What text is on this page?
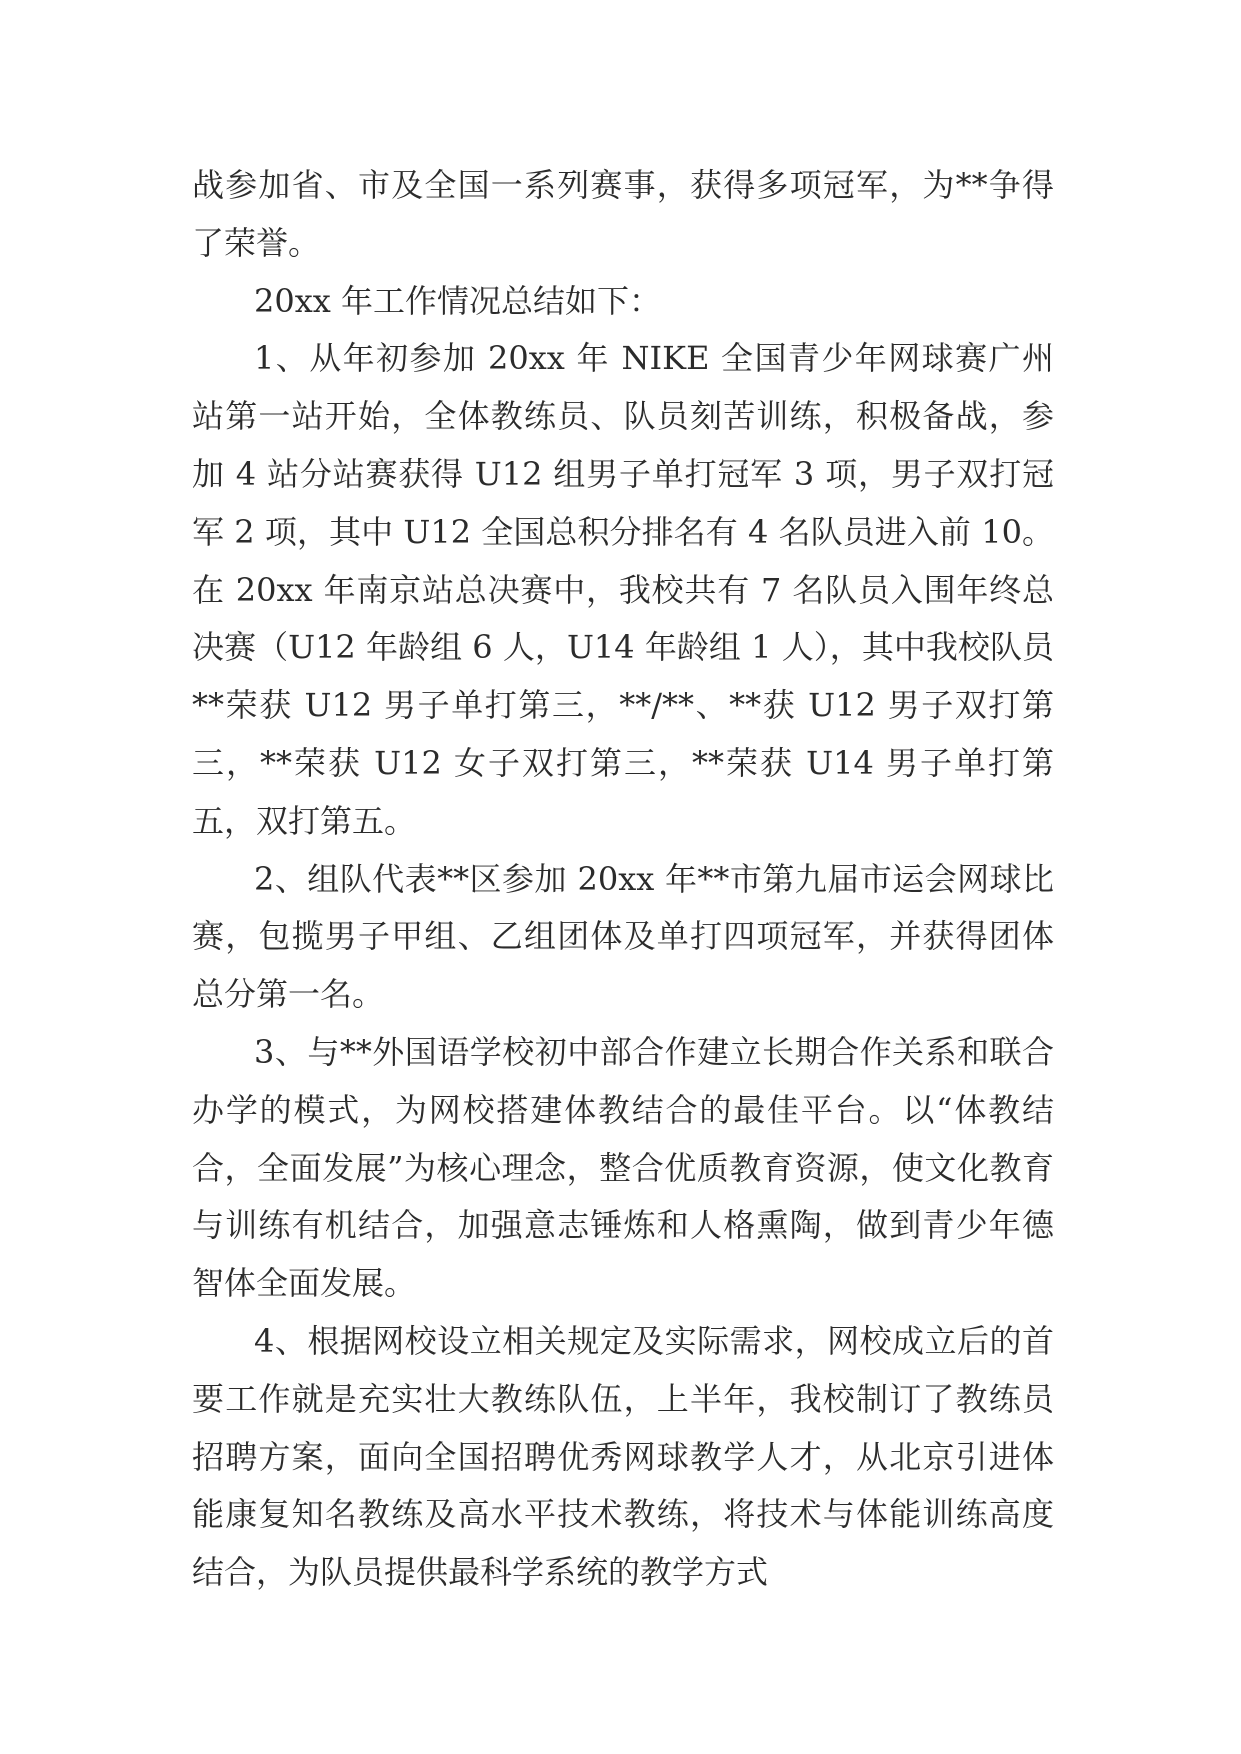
战参加省、市及全国一系列赛事，获得多项冠军，为**争得了荣誉。

20xx 年工作情况总结如下：

1、从年初参加 20xx 年 NIKE 全国青少年网球赛广州站第一站开始，全体教练员、队员刻苦训练，积极备战，参加 4 站分站赛获得 U12 组男子单打冠军 3 项，男子双打冠军 2 项，其中 U12 全国总积分排名有 4 名队员进入前 10。在 20xx 年南京站总决赛中，我校共有 7 名队员入围年终总决赛（U12 年龄组 6 人，U14 年龄组 1 人），其中我校队员**荣获 U12 男子单打第三，**/**、**获 U12 男子双打第三，**荣获 U12 女子双打第三，**荣获 U14 男子单打第五，双打第五。

2、组队代表**区参加 20xx 年**市第九届市运会网球比赛，包揽男子甲组、乙组团体及单打四项冠军，并获得团体总分第一名。

3、与**外国语学校初中部合作建立长期合作关系和联合办学的模式，为网校搭建体教结合的最佳平台。以“体教结合，全面发展”为核心理念，整合优质教育资源，使文化教育与训练有机结合，加强意志锤炼和人格熏陶，做到青少年德智体全面发展。

4、根据网校设立相关规定及实际需求，网校成立后的首要工作就是充实壮大教练队伍，上半年，我校制订了教练员招聘方案，面向全国招聘优秀网球教学人才，从北京引进体能康复知名教练及高水平技术教练，将技术与体能训练高度结合，为队员提供最科学系统的教学方式
